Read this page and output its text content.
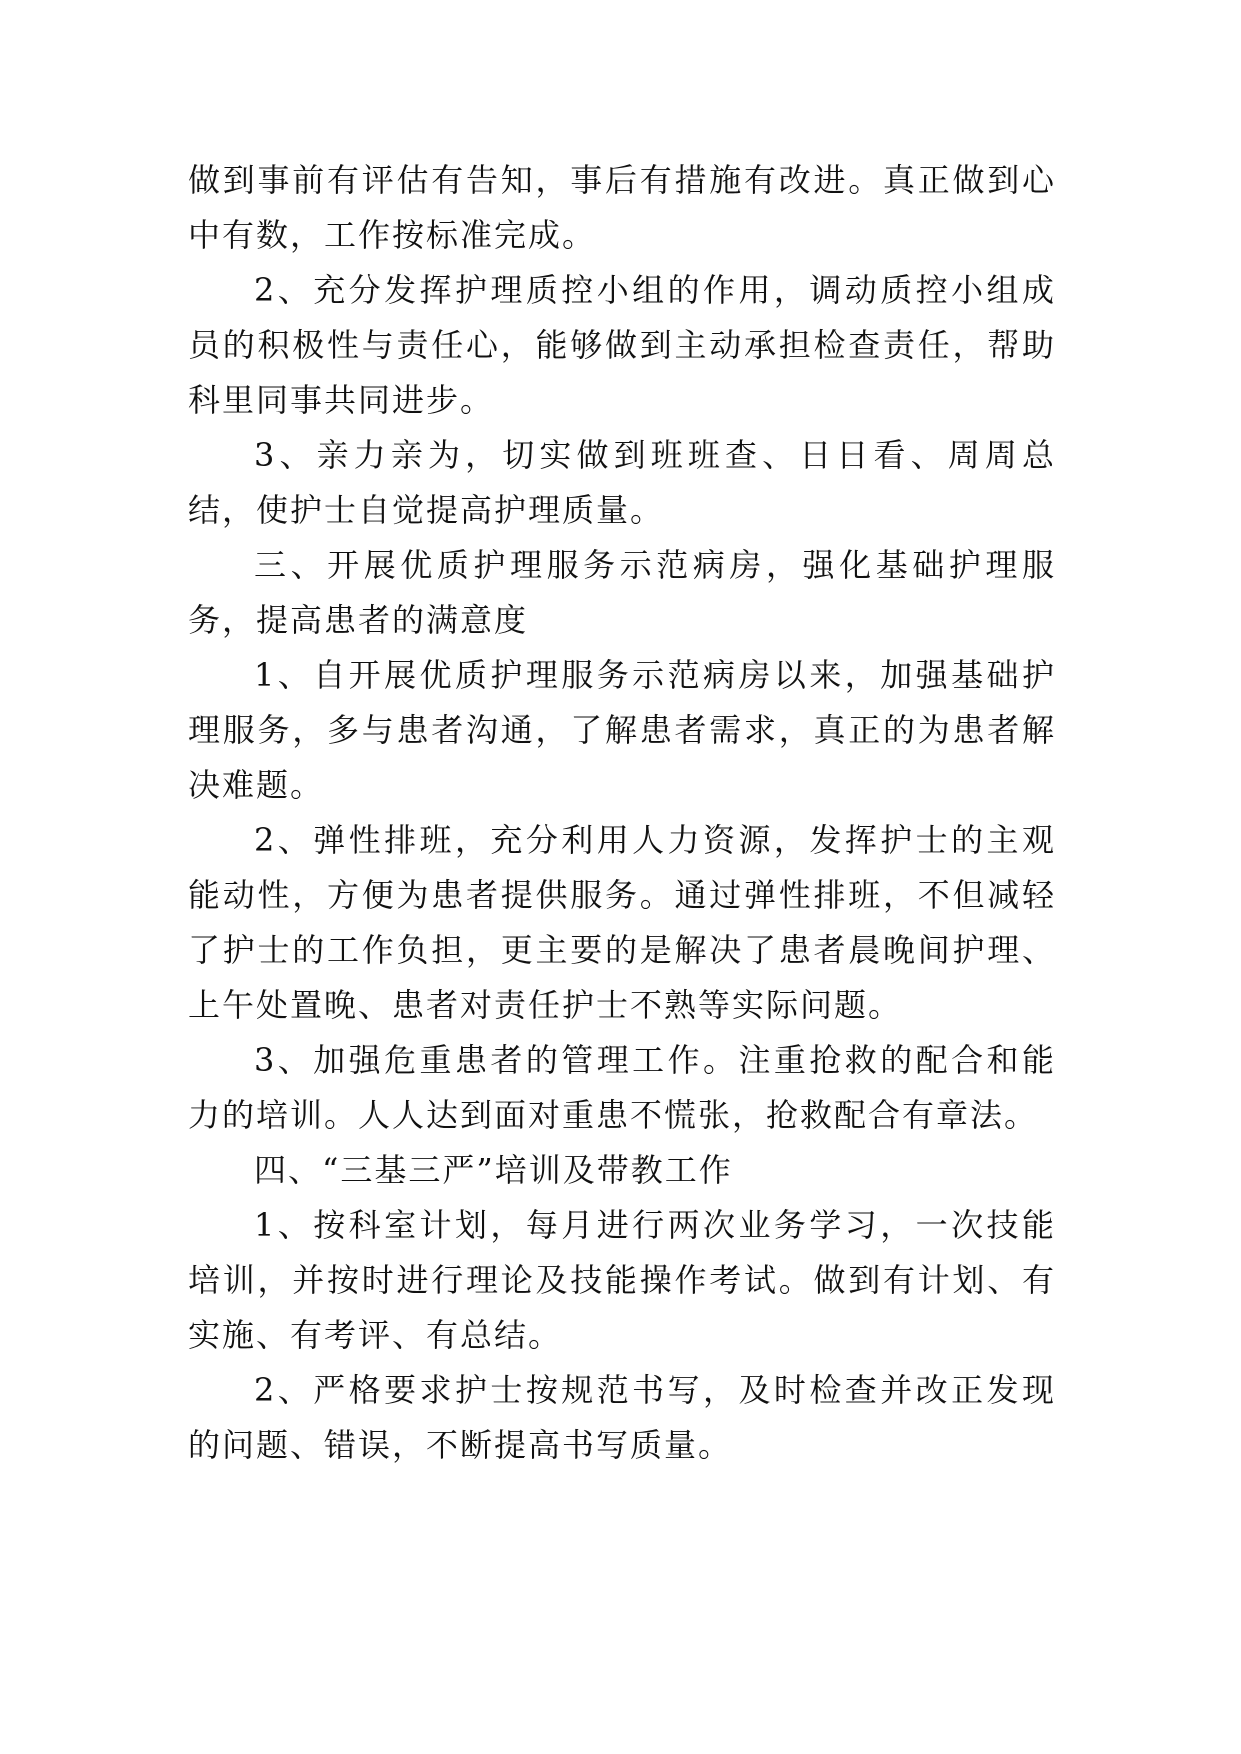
做到事前有评估有告知，事后有措施有改进。真正做到心中有数，工作按标准完成。

2、充分发挥护理质控小组的作用，调动质控小组成员的积极性与责任心，能够做到主动承担检查责任，帮助科里同事共同进步。

3、亲力亲为，切实做到班班查、日日看、周周总结，使护士自觉提高护理质量。

三、开展优质护理服务示范病房，强化基础护理服务，提高患者的满意度

1、自开展优质护理服务示范病房以来，加强基础护理服务，多与患者沟通，了解患者需求，真正的为患者解决难题。

2、弹性排班，充分利用人力资源，发挥护士的主观能动性，方便为患者提供服务。通过弹性排班，不但减轻了护士的工作负担，更主要的是解决了患者晨晚间护理、上午处置晚、患者对责任护士不熟等实际问题。

3、加强危重患者的管理工作。注重抢救的配合和能力的培训。人人达到面对重患不慌张，抢救配合有章法。

四、“三基三严”培训及带教工作

1、按科室计划，每月进行两次业务学习，一次技能培训，并按时进行理论及技能操作考试。做到有计划、有实施、有考评、有总结。

2、严格要求护士按规范书写，及时检查并改正发现的问题、错误，不断提高书写质量。
